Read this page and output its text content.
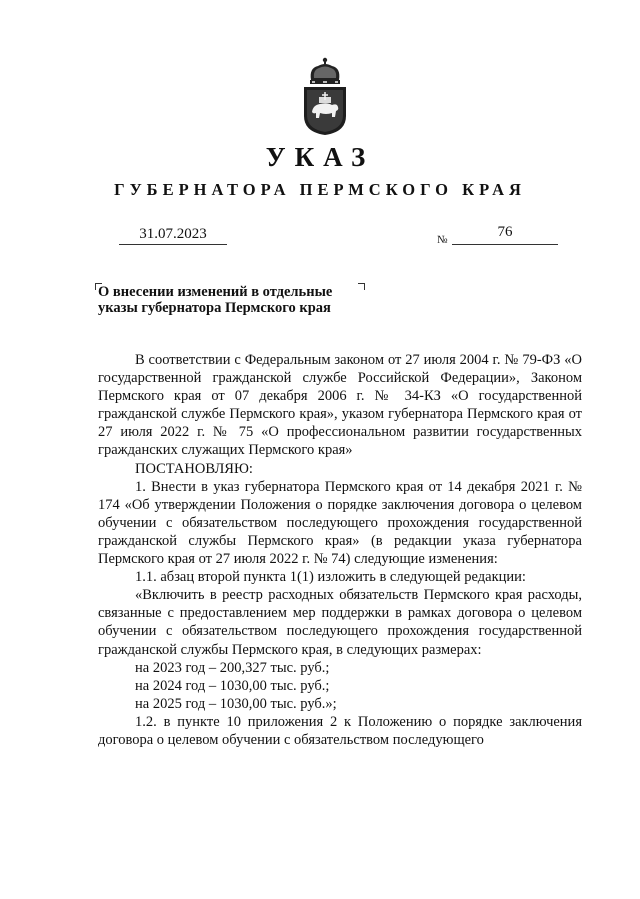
УКАЗ
ГУБЕРНАТОРА ПЕРМСКОГО КРАЯ
31.07.2023	№	76
О внесении изменений в отдельные
указы губернатора Пермского края

В соответствии с Федеральным законом от 27 июля 2004 г. № 79-ФЗ «О государственной гражданской службе Российской Федерации», Законом Пермского края от 07 декабря 2006 г. № 34-КЗ «О государственной гражданской службе Пермского края», указом губернатора Пермского края от 27 июля 2022 г. № 75 «О профессиональном развитии государственных гражданских служащих Пермского края»

ПОСТАНОВЛЯЮ:

1. Внести в указ губернатора Пермского края от 14 декабря 2021 г. № 174 «Об утверждении Положения о порядке заключения договора о целевом обучении с обязательством последующего прохождения государственной гражданской службы Пермского края» (в редакции указа губернатора Пермского края от 27 июля 2022 г. № 74) следующие изменения:

1.1. абзац второй пункта 1(1) изложить в следующей редакции:

«Включить в реестр расходных обязательств Пермского края расходы, связанные с предоставлением мер поддержки в рамках договора о целевом обучении с обязательством последующего прохождения государственной гражданской службы Пермского края, в следующих размерах:

на 2023 год – 200,327 тыс. руб.;

на 2024 год – 1030,00 тыс. руб.;

на 2025 год – 1030,00 тыс. руб.»;

1.2. в пункте 10 приложения 2 к Положению о порядке заключения договора о целевом обучении с обязательством последующего
